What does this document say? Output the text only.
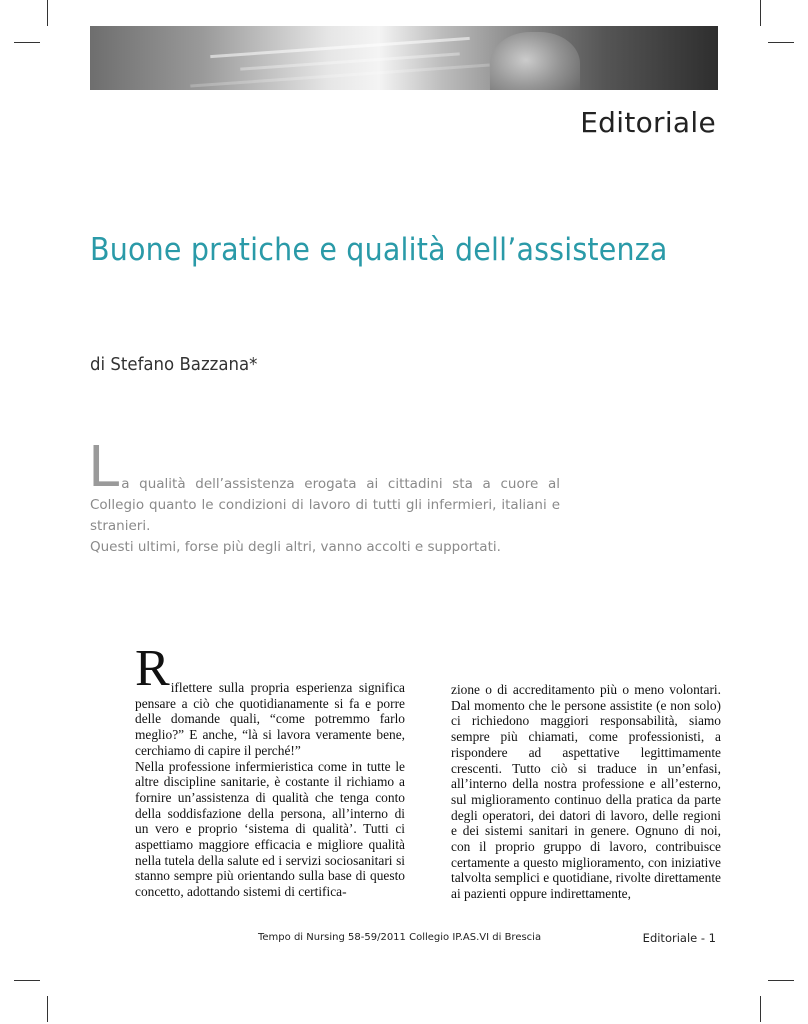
Editoriale
Buone pratiche e qualità dell’assistenza
di Stefano Bazzana*
L a qualità dell’assistenza erogata ai cittadini sta a cuore al Collegio quanto le condizioni di lavoro di tutti gli infermieri, italiani e stranieri.

Questi ultimi, forse più degli altri, vanno accolti e supportati.

R iflettere sulla propria esperienza significa pensare a ciò che quotidianamente si fa e porre delle domande quali, “come potremmo farlo meglio?” E anche, “là si lavora veramente bene, cerchiamo di capire il perché!”

Nella professione infermieristica come in tutte le altre discipline sanitarie, è costante il richiamo a fornire un’assistenza di qualità che tenga conto della soddisfazione della persona, all’interno di un vero e proprio ‘sistema di qualità’. Tutti ci aspettiamo maggiore efficacia e migliore qualità nella tutela della salute ed i servizi sociosanitari si stanno sempre più orientando sulla base di questo concetto, adottando sistemi di certifica-

zione o di accreditamento più o meno volontari. Dal momento che le persone assistite (e non solo) ci richiedono maggiori responsabilità, siamo sempre più chiamati, come professionisti, a rispondere ad aspettative legittimamente crescenti. Tutto ciò si traduce in un’enfasi, all’interno della nostra professione e all’esterno, sul miglioramento continuo della pratica da parte degli operatori, dei datori di lavoro, delle regioni e dei sistemi sanitari in genere. Ognuno di noi, con il proprio gruppo di lavoro, contribuisce certamente a questo miglioramento, con iniziative talvolta semplici e quotidiane, rivolte direttamente ai pazienti oppure indirettamente,

Tempo di Nursing 58-59/2011 Collegio IP.AS.VI di Brescia	Editoriale - 1
